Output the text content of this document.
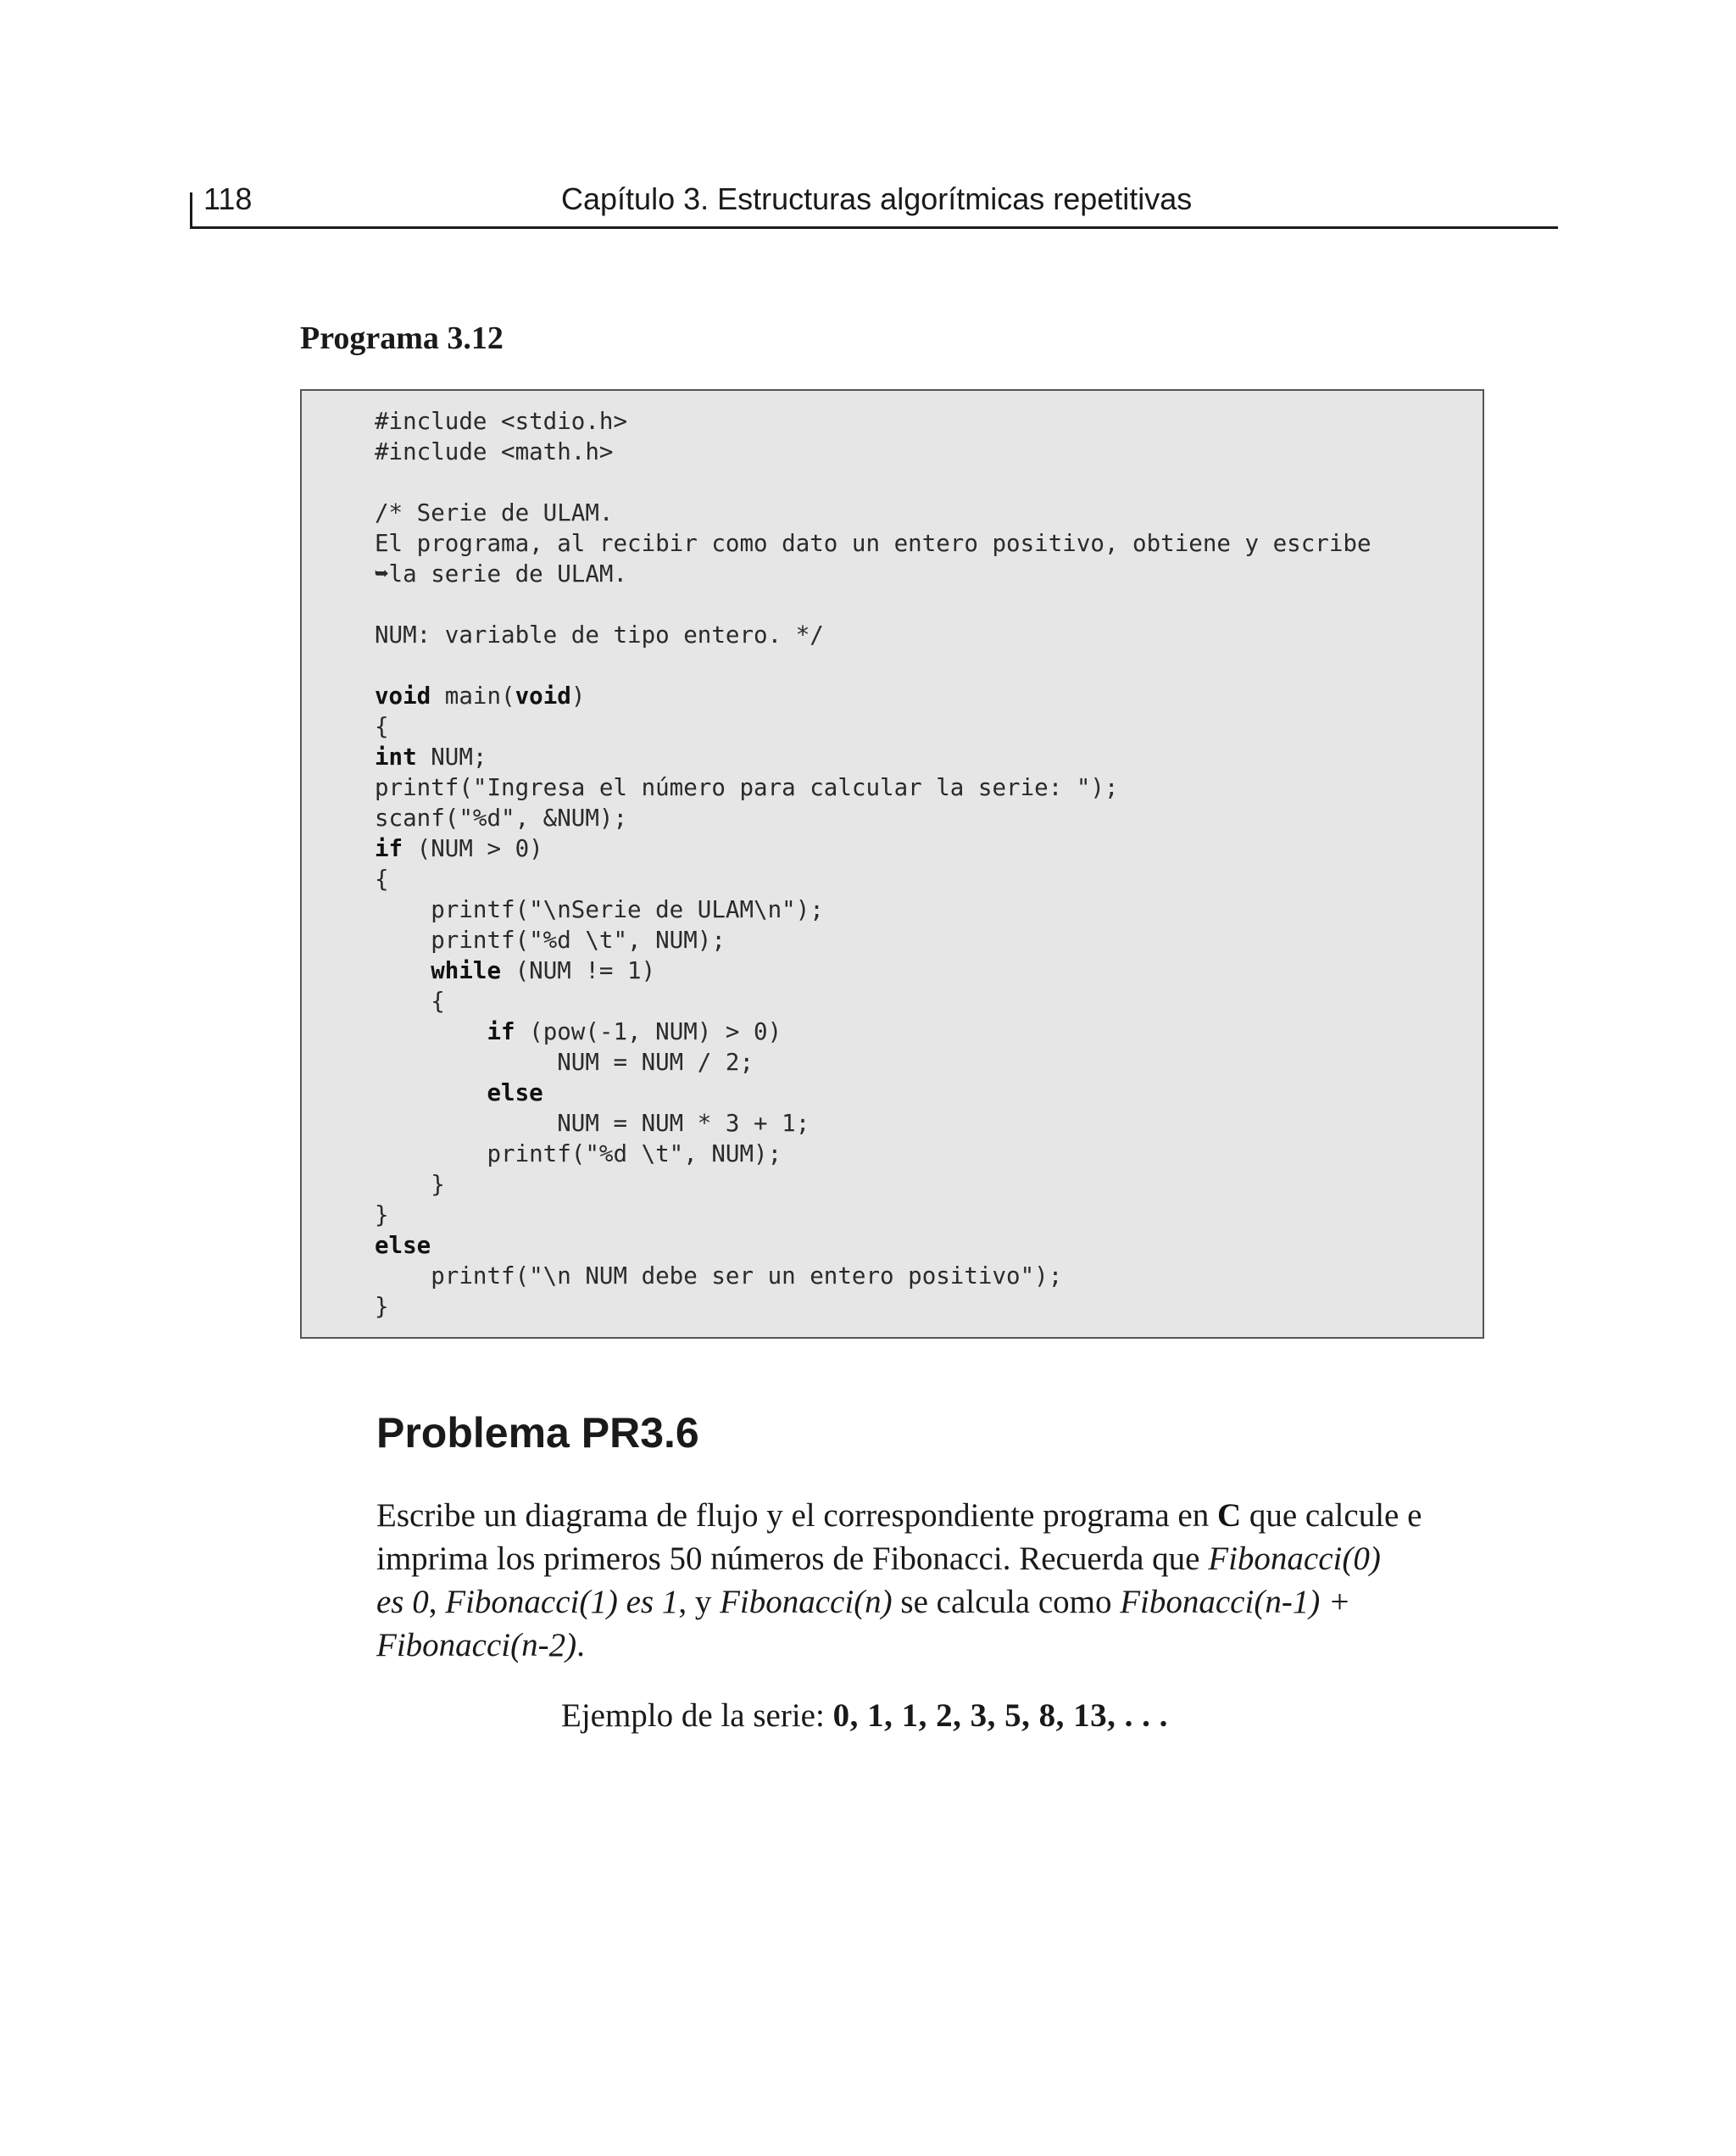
118	Capítulo 3. Estructuras algorítmicas repetitivas
Programa 3.12
#include <stdio.h>
#include <math.h>
/* Serie de ULAM.
El programa, al recibir como dato un entero positivo, obtiene y escribe
➥la serie de ULAM.
NUM: variable de tipo entero. */
void main(void)
{
int NUM;
printf("Ingresa el número para calcular la serie: ");
scanf("%d", &NUM);
if (NUM > 0)
{
printf("\nSerie de ULAM\n");
printf("%d \t", NUM);
while (NUM != 1)
{
if (pow(-1, NUM) > 0)
NUM = NUM / 2;
else
NUM = NUM * 3 + 1;
printf("%d \t", NUM);
}
}
else
printf("\n NUM debe ser un entero positivo");
}
Problema PR3.6
Escribe un diagrama de flujo y el correspondiente programa en C que calcule e
imprima los primeros 50 números de Fibonacci. Recuerda que Fibonacci(0)
es 0, Fibonacci(1) es 1, y Fibonacci(n) se calcula como Fibonacci(n-1) +
Fibonacci(n-2).
Ejemplo de la serie: 0, 1, 1, 2, 3, 5, 8, 13, . . .
